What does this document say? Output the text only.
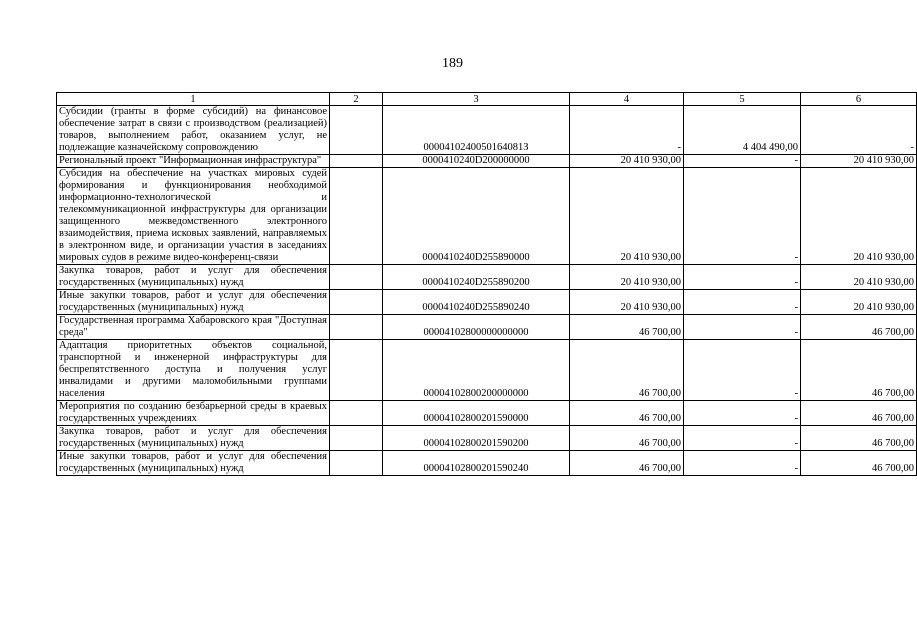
189
1	2	3	4	5	6
Субсидии (гранты в форме субсидий) на финансовое обеспечение затрат в связи с производством (реализацией) товаров, выполнением работ, оказанием услуг, не подлежащие казначейскому сопровождению		0000410240050164081З	-	4 404 490,00	-
Региональный проект "Информационная инфраструктура"		0000410240D200000000	20 410 930,00	-	20 410 930,00
Субсидия на обеспечение на участках мировых судей формирования и функционирования необходимой информационно-технологической и телекоммуникационной инфраструктуры для организации защищенного межведомственного электронного взаимодействия, приема исковых заявлений, направляемых в электронном виде, и организации участия в заседаниях мировых судов в режиме видео-конференц-связи		0000410240D255890000	20 410 930,00	-	20 410 930,00
Закупка товаров, работ и услуг для обеспечения государственных (муниципальных) нужд		0000410240D255890200	20 410 930,00	-	20 410 930,00
Иные закупки товаров, работ и услуг для обеспечения государственных (муниципальных) нужд		0000410240D255890240	20 410 930,00	-	20 410 930,00
Государственная программа Хабаровского края "Доступная среда"		00004102800000000000	46 700,00	-	46 700,00
Адаптация приоритетных объектов социальной, транспортной и инженерной инфраструктуры для беспрепятственного доступа и получения услуг инвалидами и другими маломобильными группами населения		00004102800200000000	46 700,00	-	46 700,00
Мероприятия по созданию безбарьерной среды в краевых государственных учреждениях		00004102800201590000	46 700,00	-	46 700,00
Закупка товаров, работ и услуг для обеспечения государственных (муниципальных) нужд		00004102800201590200	46 700,00	-	46 700,00
Иные закупки товаров, работ и услуг для обеспечения государственных (муниципальных) нужд		00004102800201590240	46 700,00	-	46 700,00
